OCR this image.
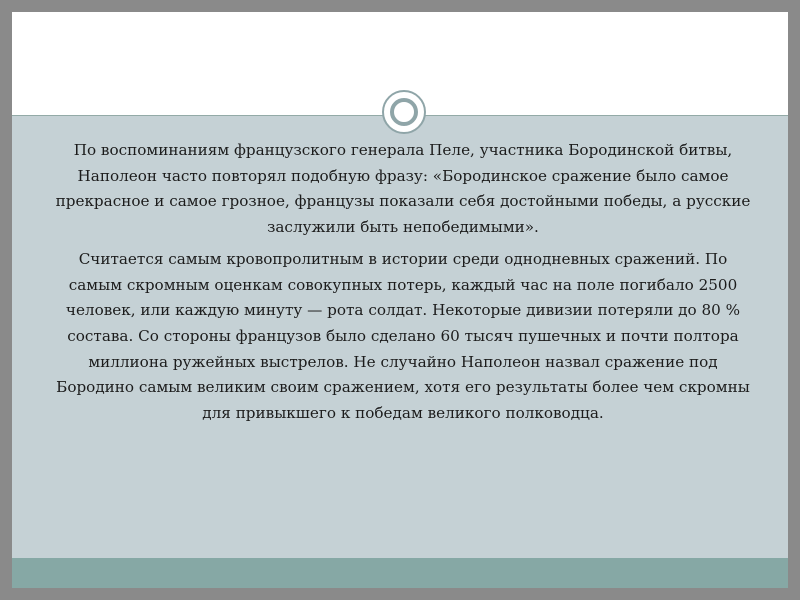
По воспоминаниям французского генерала Пеле, участника Бородинской битвы, Наполеон часто повторял подобную фразу: «Бородинское сражение было самое прекрасное и самое грозное, французы показали себя достойными победы, а русские заслужили быть непобедимыми».

Считается самым кровопролитным в истории среди однодневных сражений. По самым скромным оценкам совокупных потерь, каждый час на поле погибало 2500 человек, или каждую минуту — рота солдат. Некоторые дивизии потеряли до 80 % состава. Со стороны французов было сделано 60 тысяч пушечных и почти полтора миллиона ружейных выстрелов. Не случайно Наполеон назвал сражение под Бородино самым великим своим сражением, хотя его результаты более чем скромны для привыкшего к победам великого полководца.
